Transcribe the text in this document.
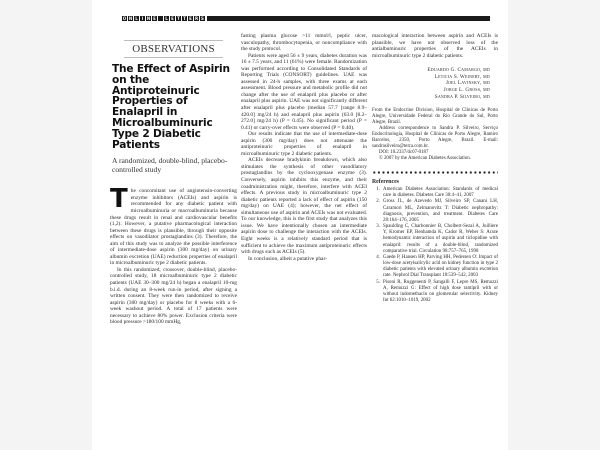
O N L I N E	L E T T E R S
OBSERVATIONS
The Effect of Aspirin on the Antiproteinuric Properties of Enalapril in Microalbuminuric Type 2 Diabetic Patients
A randomized, double-blind, placebo-controlled study

The concomitant use of angiotensin-converting enzyme inhibitors (ACEIs) and aspirin is recommended for any diabetic patient with microalbuminuria or macroalbuminuria because these drugs result in renal and cardiovascular benefits (1,2). However, a putative pharmacological interaction between these drugs is plausible, through their opposite effects on vasodilator prostaglandins (3). Therefore, the aim of this study was to analyze the possible interference of intermediate-dose aspirin (300 mg/day) on urinary albumin excretion (UAE) reduction properties of enalapril in microalbuminuric type 2 diabetic patients.

In this randomized, crossover, double-blind, placebo-controlled study, 18 microalbuminuric type 2 diabetic patients (UAE 30–300 mg/24 h) began a enalapril 10-mg b.i.d. during an 8-week run-in period, after signing a written consent. They were then randomized to receive aspirin (300 mg/day) or placebo for 8 weeks with a 6-week washout period. A total of 17 patients were necessary to achieve 80% power. Exclusion criteria were blood pressure >180/100 mmHg,

fasting plasma glucose >11 mmol/l, peptic ulcer, vasculopathy, thrombocytopenia, or noncompliance with the study protocol.

Patients were aged 56 ± 9 years, diabetes duration was 16 ± 7.5 years, and 11 (61%) were female. Randomization was performed according to Consolidated Standards of Reporting Trials (CONSORT) guidelines. UAE was assessed in 24-h samples, with three exams at each assessment. Blood pressure and metabolic profile did not change after the use of enalapril plus placebo or after enalapril plus aspirin. UAE was not significantly different after enalapril plus placebo (median 57.7 [range 8.9–420.0] mg/24 h) and enalapril plus aspirin (63.0 [8.2–272.0] mg/24 h) (P = 0.45). No significant period (P = 0.41) or carry-over effects were observed (P = 0.40).

Our results indicate that the use of intermediate-dose aspirin (300 mg/day) does not attenuate the antiproteinuric properties of enalapril in microalbuminuric type 2 diabetic patients.

ACEIs decrease bradykinin breakdown, which also stimulates the synthesis of other vasodilatory prostaglandins by the cyclooxygenase enzyme (3). Conversely, aspirin inhibits this enzyme, and their coadministration might, therefore, interfere with ACEI effects. A previous study in microalbuminuric type 2 diabetic patients reported a lack of effect of aspirin (150 mg/day) on UAE (4); however, the net effect of simultaneous use of aspirin and ACEIs was not evaluated. To our knowledge, this is the first study that analyzes this issue. We have intentionally chosen an intermediate aspirin dose to challenge the interaction with the ACEIs. Eight weeks is a relatively standard period that is sufficient to achieve the maximum antiproteinuric effects with drugs such as ACEIs (5).

In conclusion, albeit a putative phar-

macological interaction between aspirin and ACEIs is plausible, we have not observed loss of the antialbuminuric properties of the ACEIs in microalbuminuric type 2 diabetic patients.

Eduardo G. Camargo, md
Leticia S. Weinert, md
Joel Lavinsky, md
Jorge L. Gross, md
Sandra P. Silveiro, md

From the Endocrine Division, Hospital de Clínicas de Porto Alegre, Universidade Federal do Rio Grande do Sul, Porto Alegre, Brazil.

Address correspondence to Sandra P. Silveiro, Serviço Endocrinologia, Hospital de Clínicas de Porto Alegre, Ramiro Barcelos, 2350, Porto Alegre, Brazil. E-mail: sandrasilveiro@terra.com.br.

DOI: 10.2337/dc07-0187

© 2007 by the American Diabetes Association.

References
1. American Diabetes Association: Standards of medical care in diabetes. Diabetes Care 30:4–41, 2007
2. Gross JL, de Azevedo MJ, Silveiro SP, Canani LH, Caramori ML, Zelmanovitz T: Diabetic nephropathy: diagnosis, prevention, and treatment. Diabetes Care 28:164–176, 2005
3. Spaulding C, Charbonnier B, Cholbert-Sezal A, Juilliere Y, Kromer EP, Benhamda K, Cador R, Weber S: Acute hemodynamic interaction of aspirin and ticlopidine with enalapril: results of a double-blind, randomized comparative trial. Circulation 98:757–765, 1998
4. Gaede P, Hansen HP, Parving HH, Pedersen O: Impact of low-dose acetylsalicylic acid on kidney function in type 2 diabetic patients with elevated urinary albumin excretion rate. Nephrol Dial Transplant 18:539–542, 2003
5. Pisoni R, Ruggenenti P, Sangalli F, Lepre MS, Remuzzi A, Remuzzi G: Effect of high dose ramipril with or without indomethacin on glomerular selectivity. Kidney Int 62:1010–1019, 2002
